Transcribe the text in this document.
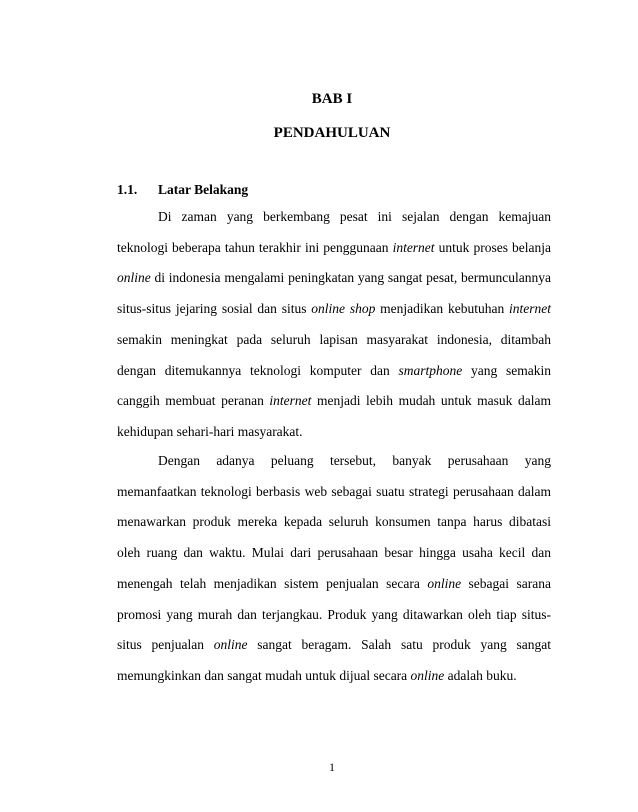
BAB I
PENDAHULUAN
1.1. Latar Belakang

Di zaman yang berkembang pesat ini sejalan dengan kemajuan teknologi beberapa tahun terakhir ini penggunaan internet untuk proses belanja online di indonesia mengalami peningkatan yang sangat pesat, bermunculannya situs-situs jejaring sosial dan situs online shop menjadikan kebutuhan internet semakin meningkat pada seluruh lapisan masyarakat indonesia, ditambah dengan ditemukannya teknologi komputer dan smartphone yang semakin canggih membuat peranan internet menjadi lebih mudah untuk masuk dalam kehidupan sehari-hari masyarakat.

Dengan adanya peluang tersebut, banyak perusahaan yang memanfaatkan teknologi berbasis web sebagai suatu strategi perusahaan dalam menawarkan produk mereka kepada seluruh konsumen tanpa harus dibatasi oleh ruang dan waktu. Mulai dari perusahaan besar hingga usaha kecil dan menengah telah menjadikan sistem penjualan secara online sebagai sarana promosi yang murah dan terjangkau. Produk yang ditawarkan oleh tiap situs-situs penjualan online sangat beragam. Salah satu produk yang sangat memungkinkan dan sangat mudah untuk dijual secara online adalah buku.

1
